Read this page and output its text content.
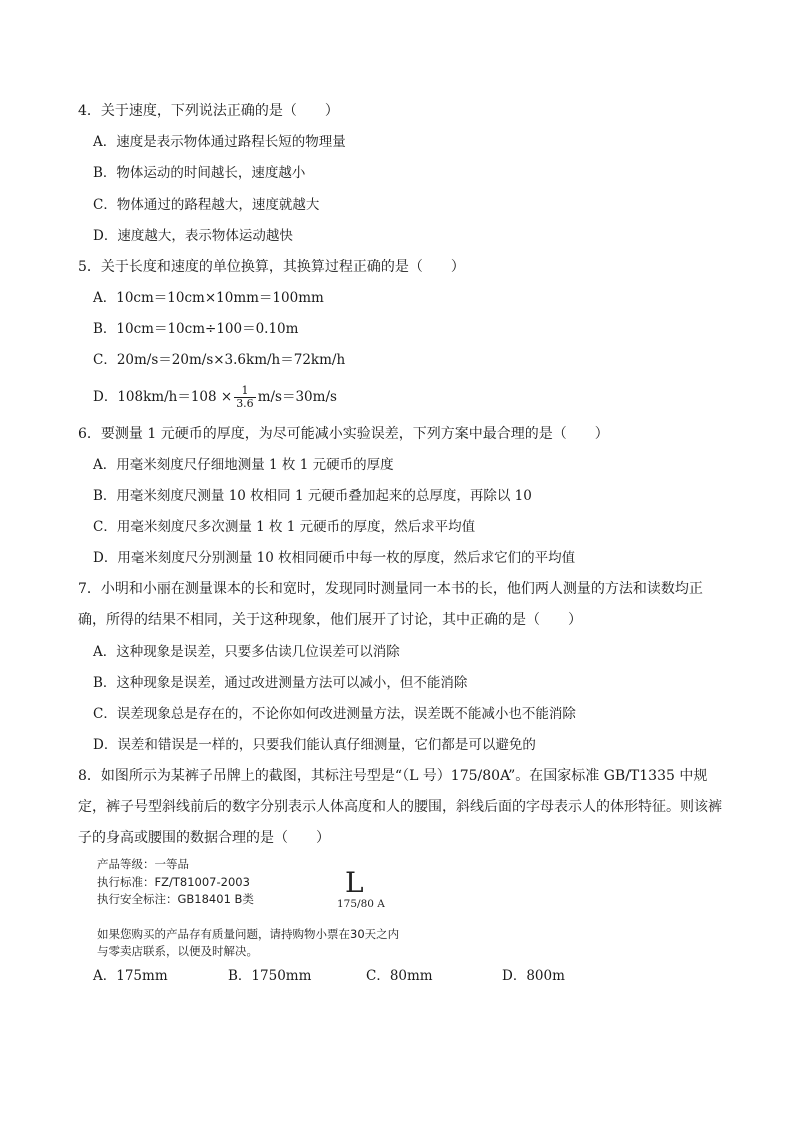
4．关于速度，下列说法正确的是（　　）
A．速度是表示物体通过路程长短的物理量
B．物体运动的时间越长，速度越小
C．物体通过的路程越大，速度就越大
D．速度越大，表示物体运动越快
5．关于长度和速度的单位换算，其换算过程正确的是（　　）
A．10cm＝10cm×10mm＝100mm
B．10cm＝10cm÷100＝0.10m
C．20m/s＝20m/s×3.6km/h＝72km/h
D．$108km/h=108 \times \frac{1}{3.6} m/s=30m/s$
6．要测量 1 元硬币的厚度，为尽可能减小实验误差，下列方案中最合理的是（　　）
A．用毫米刻度尺仔细地测量 1 枚 1 元硬币的厚度
B．用毫米刻度尺测量 10 枚相同 1 元硬币叠加起来的总厚度，再除以 10
C．用毫米刻度尺多次测量 1 枚 1 元硬币的厚度，然后求平均值
D．用毫米刻度尺分别测量 10 枚相同硬币中每一枚的厚度，然后求它们的平均值
7．小明和小丽在测量课本的长和宽时，发现同时测量同一本书的长，他们两人测量的方法和读数均正确，所得的结果不相同，关于这种现象，他们展开了讨论，其中正确的是（　　）
A．这种现象是误差，只要多估读几位误差可以消除
B．这种现象是误差，通过改进测量方法可以减小，但不能消除
C．误差现象总是存在的，不论你如何改进测量方法，误差既不能减小也不能消除
D．误差和错误是一样的，只要我们能认真仔细测量，它们都是可以避免的
8．如图所示为某裤子吊牌上的截图，其标注号型是“（L 号）175/80A”。在国家标准 GB/T1335 中规定，裤子号型斜线前后的数字分别表示人体高度和人的腰围，斜线后面的字母表示人的体形特征。则该裤子的身高或腰围的数据合理的是（　　）
产品等级：一等品
执行标准：FZ/T81007-2003
执行安全标注：GB18401 B类	L
175/80 A
如果您购买的产品存有质量问题，请持购物小票在30天之内
与零卖店联系，以便及时解决。
A．175mm	B．1750mm	C．80mm	D．800m
